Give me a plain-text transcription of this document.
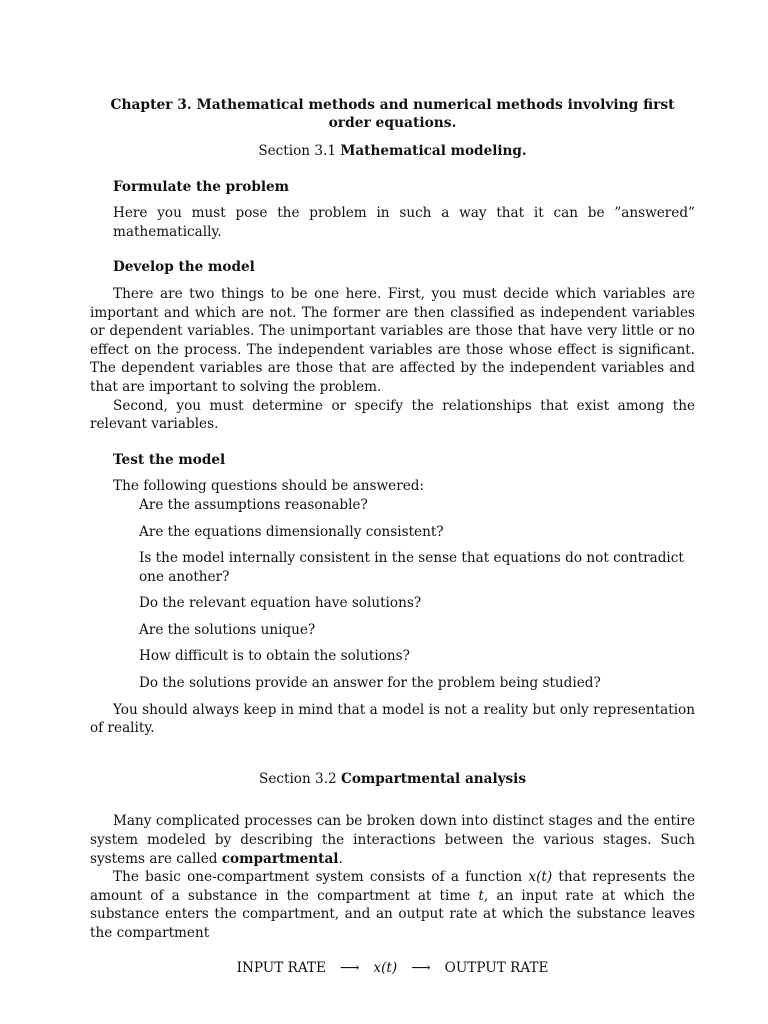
Chapter 3. Mathematical methods and numerical methods involving first order equations.

Section 3.1 Mathematical modeling.

Formulate the problem

Here you must pose the problem in such a way that it can be ”answered” mathematically.

Develop the model

There are two things to be one here. First, you must decide which variables are important and which are not. The former are then classified as independent variables or dependent variables. The unimportant variables are those that have very little or no effect on the process. The independent variables are those whose effect is significant. The dependent variables are those that are affected by the independent variables and that are important to solving the problem.

Second, you must determine or specify the relationships that exist among the relevant variables.

Test the model

The following questions should be answered:

Are the assumptions reasonable?
Are the equations dimensionally consistent?
Is the model internally consistent in the sense that equations do not contradict one another?
Do the relevant equation have solutions?
Are the solutions unique?
How difficult is to obtain the solutions?
Do the solutions provide an answer for the problem being studied?

You should always keep in mind that a model is not a reality but only representation of reality.

Section 3.2 Compartmental analysis

Many complicated processes can be broken down into distinct stages and the entire system modeled by describing the interactions between the various stages. Such systems are called compartmental.

The basic one-compartment system consists of a function x(t) that represents the amount of a substance in the compartment at time t, an input rate at which the substance enters the compartment, and an output rate at which the substance leaves the compartment

INPUT RATE ⟶ x(t) ⟶ OUTPUT RATE
